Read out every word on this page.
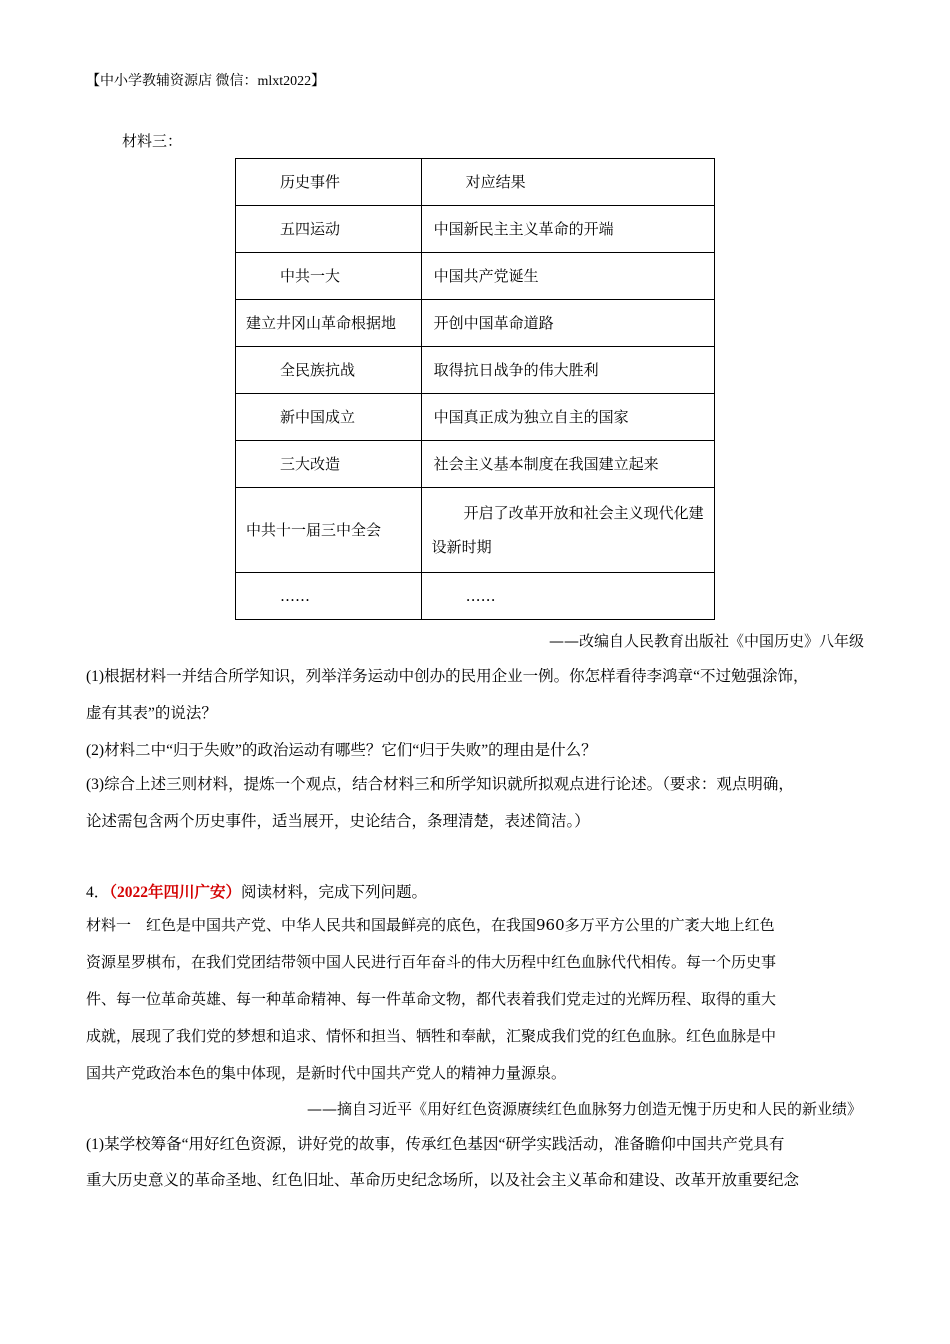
【中小学教辅资源店 微信：mlxt2022】
材料三：
历史事件	对应结果

五四运动	中国新民主主义革命的开端

中共一大	中国共产党诞生

建立井冈山革命根据地	开创中国革命道路

全民族抗战	取得抗日战争的伟大胜利

新中国成立	中国真正成为独立自主的国家

三大改造	社会主义基本制度在我国建立起来

中共十一届三中全会	开启了改革开放和社会主义现代化建设新时期

……	……
——改编自人民教育出版社《中国历史》八年级
(1)根据材料一并结合所学知识，列举洋务运动中创办的民用企业一例。你怎样看待李鸿章“不过勉强涂饰，
虚有其表”的说法？
(2)材料二中“归于失败”的政治运动有哪些？它们“归于失败”的理由是什么？
(3)综合上述三则材料，提炼一个观点，结合材料三和所学知识就所拟观点进行论述。（要求：观点明确，
论述需包含两个历史事件，适当展开，史论结合，条理清楚，表述简洁。）
4．（2022年四川广安）阅读材料，完成下列问题。
材料一　红色是中国共产党、中华人民共和国最鲜亮的底色，在我国960多万平方公里的广袤大地上红色
资源星罗棋布，在我们党团结带领中国人民进行百年奋斗的伟大历程中红色血脉代代相传。每一个历史事
件、每一位革命英雄、每一种革命精神、每一件革命文物，都代表着我们党走过的光辉历程、取得的重大
成就，展现了我们党的梦想和追求、情怀和担当、牺牲和奉献，汇聚成我们党的红色血脉。红色血脉是中
国共产党政治本色的集中体现，是新时代中国共产党人的精神力量源泉。
——摘自习近平《用好红色资源赓续红色血脉努力创造无愧于历史和人民的新业绩》
(1)某学校筹备“用好红色资源，讲好党的故事，传承红色基因“研学实践活动，准备瞻仰中国共产党具有
重大历史意义的革命圣地、红色旧址、革命历史纪念场所，以及社会主义革命和建设、改革开放重要纪念
